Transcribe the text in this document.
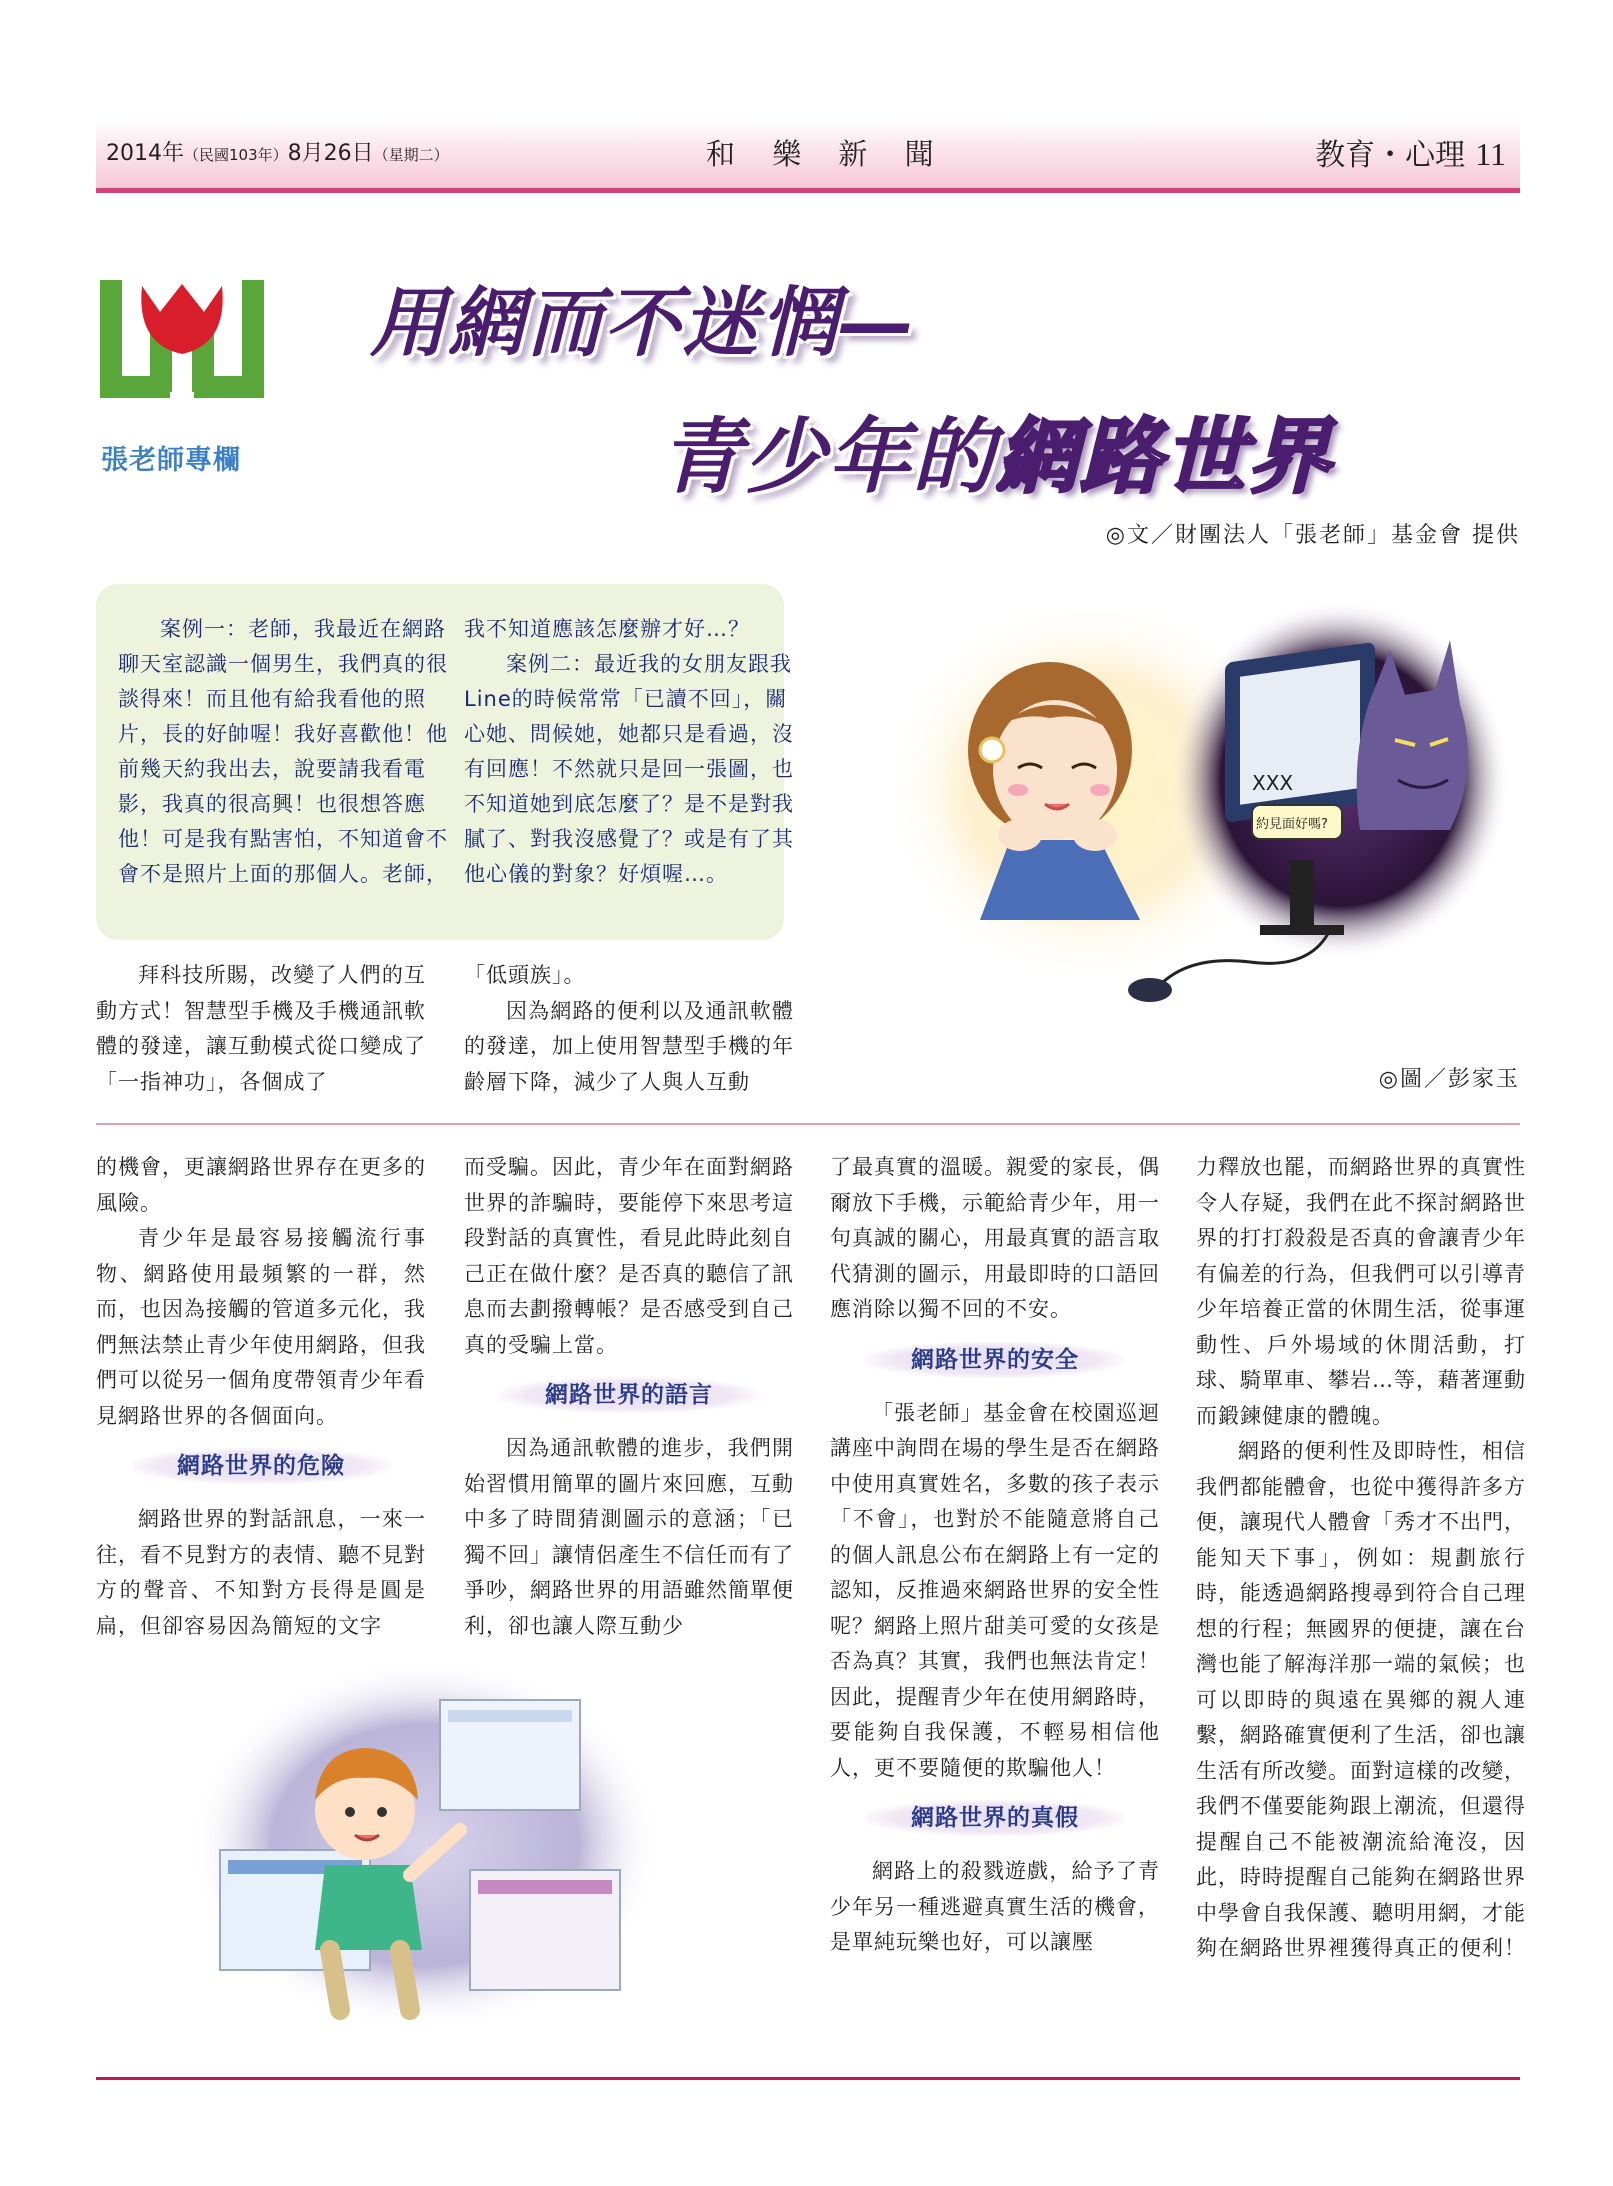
2014年（民國103年）8月26日（星期二）	和 樂 新 聞	教育・心理 11
張老師專欄
用網而不迷惘—
青少年的網路世界
◎文／財團法人「張老師」基金會 提供

案例一：老師，我最近在網路聊天室認識一個男生，我們真的很談得來！而且他有給我看他的照片，長的好帥喔！我好喜歡他！他前幾天約我出去，說要請我看電影，我真的很高興！也很想答應他！可是我有點害怕，不知道會不會不是照片上面的那個人。老師，

我不知道應該怎麼辦才好…？

案例二：最近我的女朋友跟我Line的時候常常「已讀不回」，關心她、問候她，她都只是看過，沒有回應！不然就只是回一張圖，也不知道她到底怎麼了？是不是對我膩了、對我沒感覺了？或是有了其他心儀的對象？好煩喔…。

XXX
約見面好嗎?
◎圖／彭家玉

拜科技所賜，改變了人們的互動方式！智慧型手機及手機通訊軟體的發達，讓互動模式從口變成了「一指神功」，各個成了

「低頭族」。

因為網路的便利以及通訊軟體的發達，加上使用智慧型手機的年齡層下降，減少了人與人互動

的機會，更讓網路世界存在更多的風險。

青少年是最容易接觸流行事物、網路使用最頻繁的一群，然而，也因為接觸的管道多元化，我們無法禁止青少年使用網路，但我們可以從另一個角度帶領青少年看見網路世界的各個面向。

網路世界的危險

網路世界的對話訊息，一來一往，看不見對方的表情、聽不見對方的聲音、不知對方長得是圓是扁，但卻容易因為簡短的文字

而受騙。因此，青少年在面對網路世界的詐騙時，要能停下來思考這段對話的真實性，看見此時此刻自己正在做什麼？是否真的聽信了訊息而去劃撥轉帳？是否感受到自己真的受騙上當。

網路世界的語言

因為通訊軟體的進步，我們開始習慣用簡單的圖片來回應，互動中多了時間猜測圖示的意涵；「已獨不回」讓情侶產生不信任而有了爭吵，網路世界的用語雖然簡單便利，卻也讓人際互動少

了最真實的溫暖。親愛的家長，偶爾放下手機，示範給青少年，用一句真誠的關心，用最真實的語言取代猜測的圖示，用最即時的口語回應消除以獨不回的不安。

網路世界的安全

「張老師」基金會在校園巡迴講座中詢問在場的學生是否在網路中使用真實姓名，多數的孩子表示「不會」，也對於不能隨意將自己的個人訊息公布在網路上有一定的認知，反推過來網路世界的安全性呢？網路上照片甜美可愛的女孩是否為真？其實，我們也無法肯定！因此，提醒青少年在使用網路時，要能夠自我保護，不輕易相信他人，更不要隨便的欺騙他人！

網路世界的真假

網路上的殺戮遊戲，給予了青少年另一種逃避真實生活的機會，是單純玩樂也好，可以讓壓

力釋放也罷，而網路世界的真實性令人存疑，我們在此不探討網路世界的打打殺殺是否真的會讓青少年有偏差的行為，但我們可以引導青少年培養正當的休閒生活，從事運動性、戶外場域的休閒活動，打球、騎單車、攀岩…等，藉著運動而鍛鍊健康的體魄。

網路的便利性及即時性，相信我們都能體會，也從中獲得許多方便，讓現代人體會「秀才不出門，能知天下事」，例如：規劃旅行時，能透過網路搜尋到符合自己理想的行程；無國界的便捷，讓在台灣也能了解海洋那一端的氣候；也可以即時的與遠在異鄉的親人連繫，網路確實便利了生活，卻也讓生活有所改變。面對這樣的改變，我們不僅要能夠跟上潮流，但還得提醒自己不能被潮流給淹沒，因此，時時提醒自己能夠在網路世界中學會自我保護、聽明用網，才能夠在網路世界裡獲得真正的便利！
